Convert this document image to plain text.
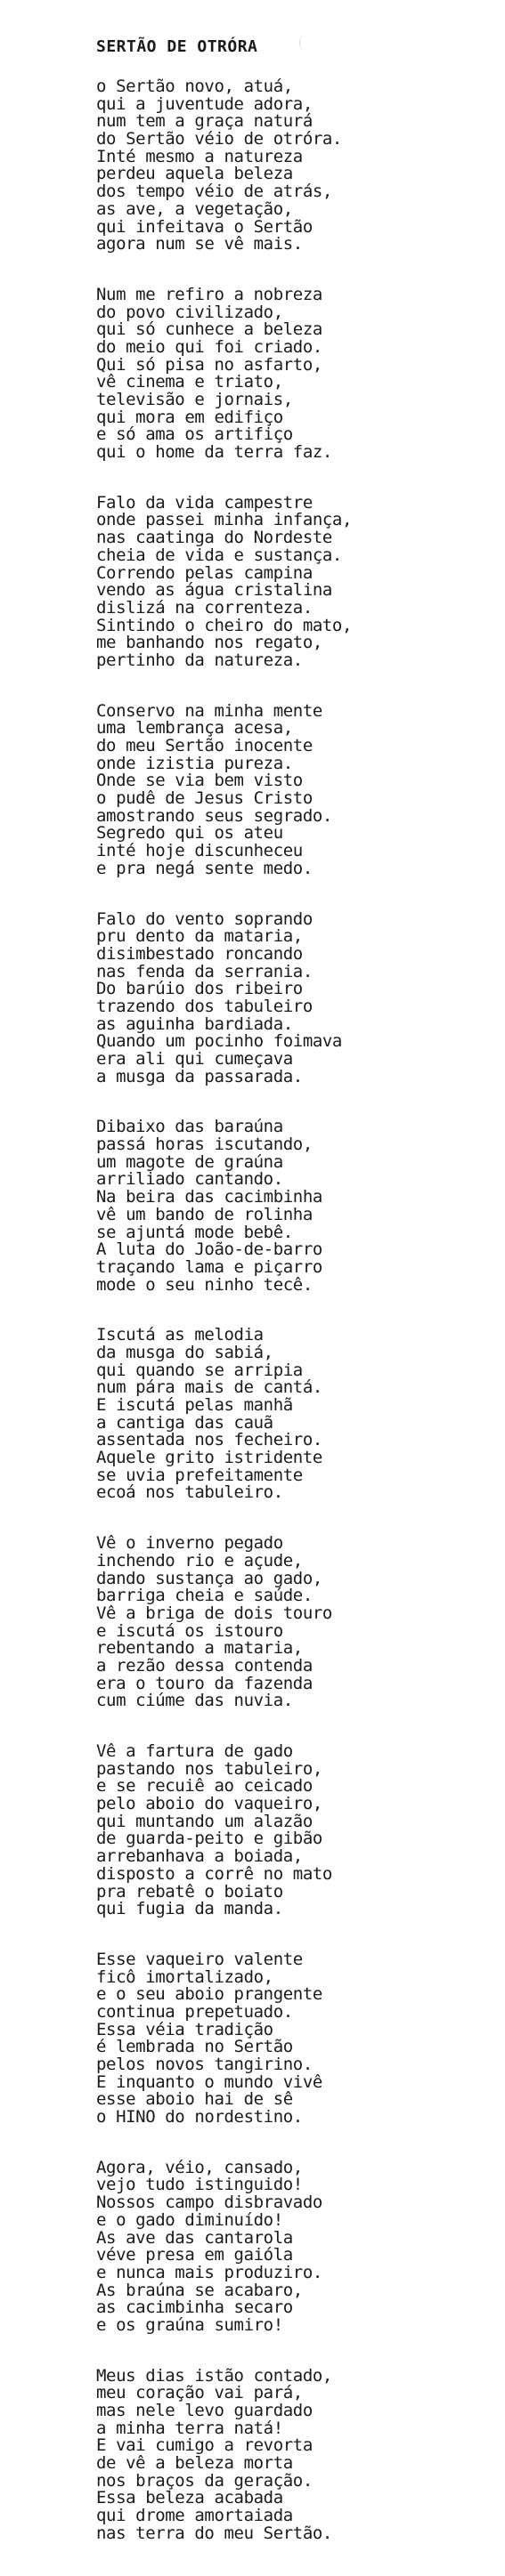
SERTÃO DE OTRÓRA
o Sertão novo, atuá,
qui a juventude adora,
num tem a graça naturá
do Sertão véio de otróra.
Inté mesmo a natureza
perdeu aquela beleza
dos tempo véio de atrás,
as ave, a vegetação,
qui infeitava o Sertão
agora num se vê mais.
Num me refiro a nobreza
do povo civilizado,
qui só cunhece a beleza
do meio qui foi criado.
Qui só pisa no asfarto,
vê cinema e triato,
televisão e jornais,
qui mora em edifiço
e só ama os artifiço
qui o home da terra faz.
Falo da vida campestre
onde passei minha infança,
nas caatinga do Nordeste
cheia de vida e sustança.
Correndo pelas campina
vendo as água cristalina
dislizá na correnteza.
Sintindo o cheiro do mato,
me banhando nos regato,
pertinho da natureza.
Conservo na minha mente
uma lembrança acesa,
do meu Sertão inocente
onde izistia pureza.
Onde se via bem visto
o pudê de Jesus Cristo
amostrando seus segrado.
Segredo qui os ateu
inté hoje discunheceu
e pra negá sente medo.
Falo do vento soprando
pru dento da mataria,
disimbestado roncando
nas fenda da serrania.
Do barúio dos ribeiro
trazendo dos tabuleiro
as aguinha bardiada.
Quando um pocinho foimava
era ali qui cumeçava
a musga da passarada.
Dibaixo das baraúna
passá horas iscutando,
um magote de graúna
arriliado cantando.
Na beira das cacimbinha
vê um bando de rolinha
se ajuntá mode bebê.
A luta do João-de-barro
traçando lama e piçarro
mode o seu ninho tecê.
Iscutá as melodia
da musga do sabiá,
qui quando se arripia
num pára mais de cantá.
E iscutá pelas manhã
a cantiga das cauã
assentada nos fecheiro.
Aquele grito istridente
se uvia prefeitamente
ecoá nos tabuleiro.
Vê o inverno pegado
inchendo rio e açude,
dando sustança ao gado,
barriga cheia e saúde.
Vê a briga de dois touro
e iscutá os istouro
rebentando a mataria,
a rezão dessa contenda
era o touro da fazenda
cum ciúme das nuvia.
Vê a fartura de gado
pastando nos tabuleiro,
e se recuiê ao ceicado
pelo aboio do vaqueiro,
qui muntando um alazão
de guarda-peito e gibão
arrebanhava a boiada,
disposto a corrê no mato
pra rebatê o boiato
qui fugia da manda.
Esse vaqueiro valente
ficô imortalizado,
e o seu aboio prangente
continua prepetuado.
Essa véia tradição
é lembrada no Sertão
pelos novos tangirino.
E inquanto o mundo vivê
esse aboio hai de sê
o HINO do nordestino.
Agora, véio, cansado,
vejo tudo istinguido!
Nossos campo disbravado
e o gado diminuído!
As ave das cantarola
véve presa em gaióla
e nunca mais produziro.
As braúna se acabaro,
as cacimbinha secaro
e os graúna sumiro!
Meus dias istão contado,
meu coração vai pará,
mas nele levo guardado
a minha terra natá!
E vai cumigo a revorta
de vê a beleza morta
nos braços da geração.
Essa beleza acabada
qui drome amortaiada
nas terra do meu Sertão.
